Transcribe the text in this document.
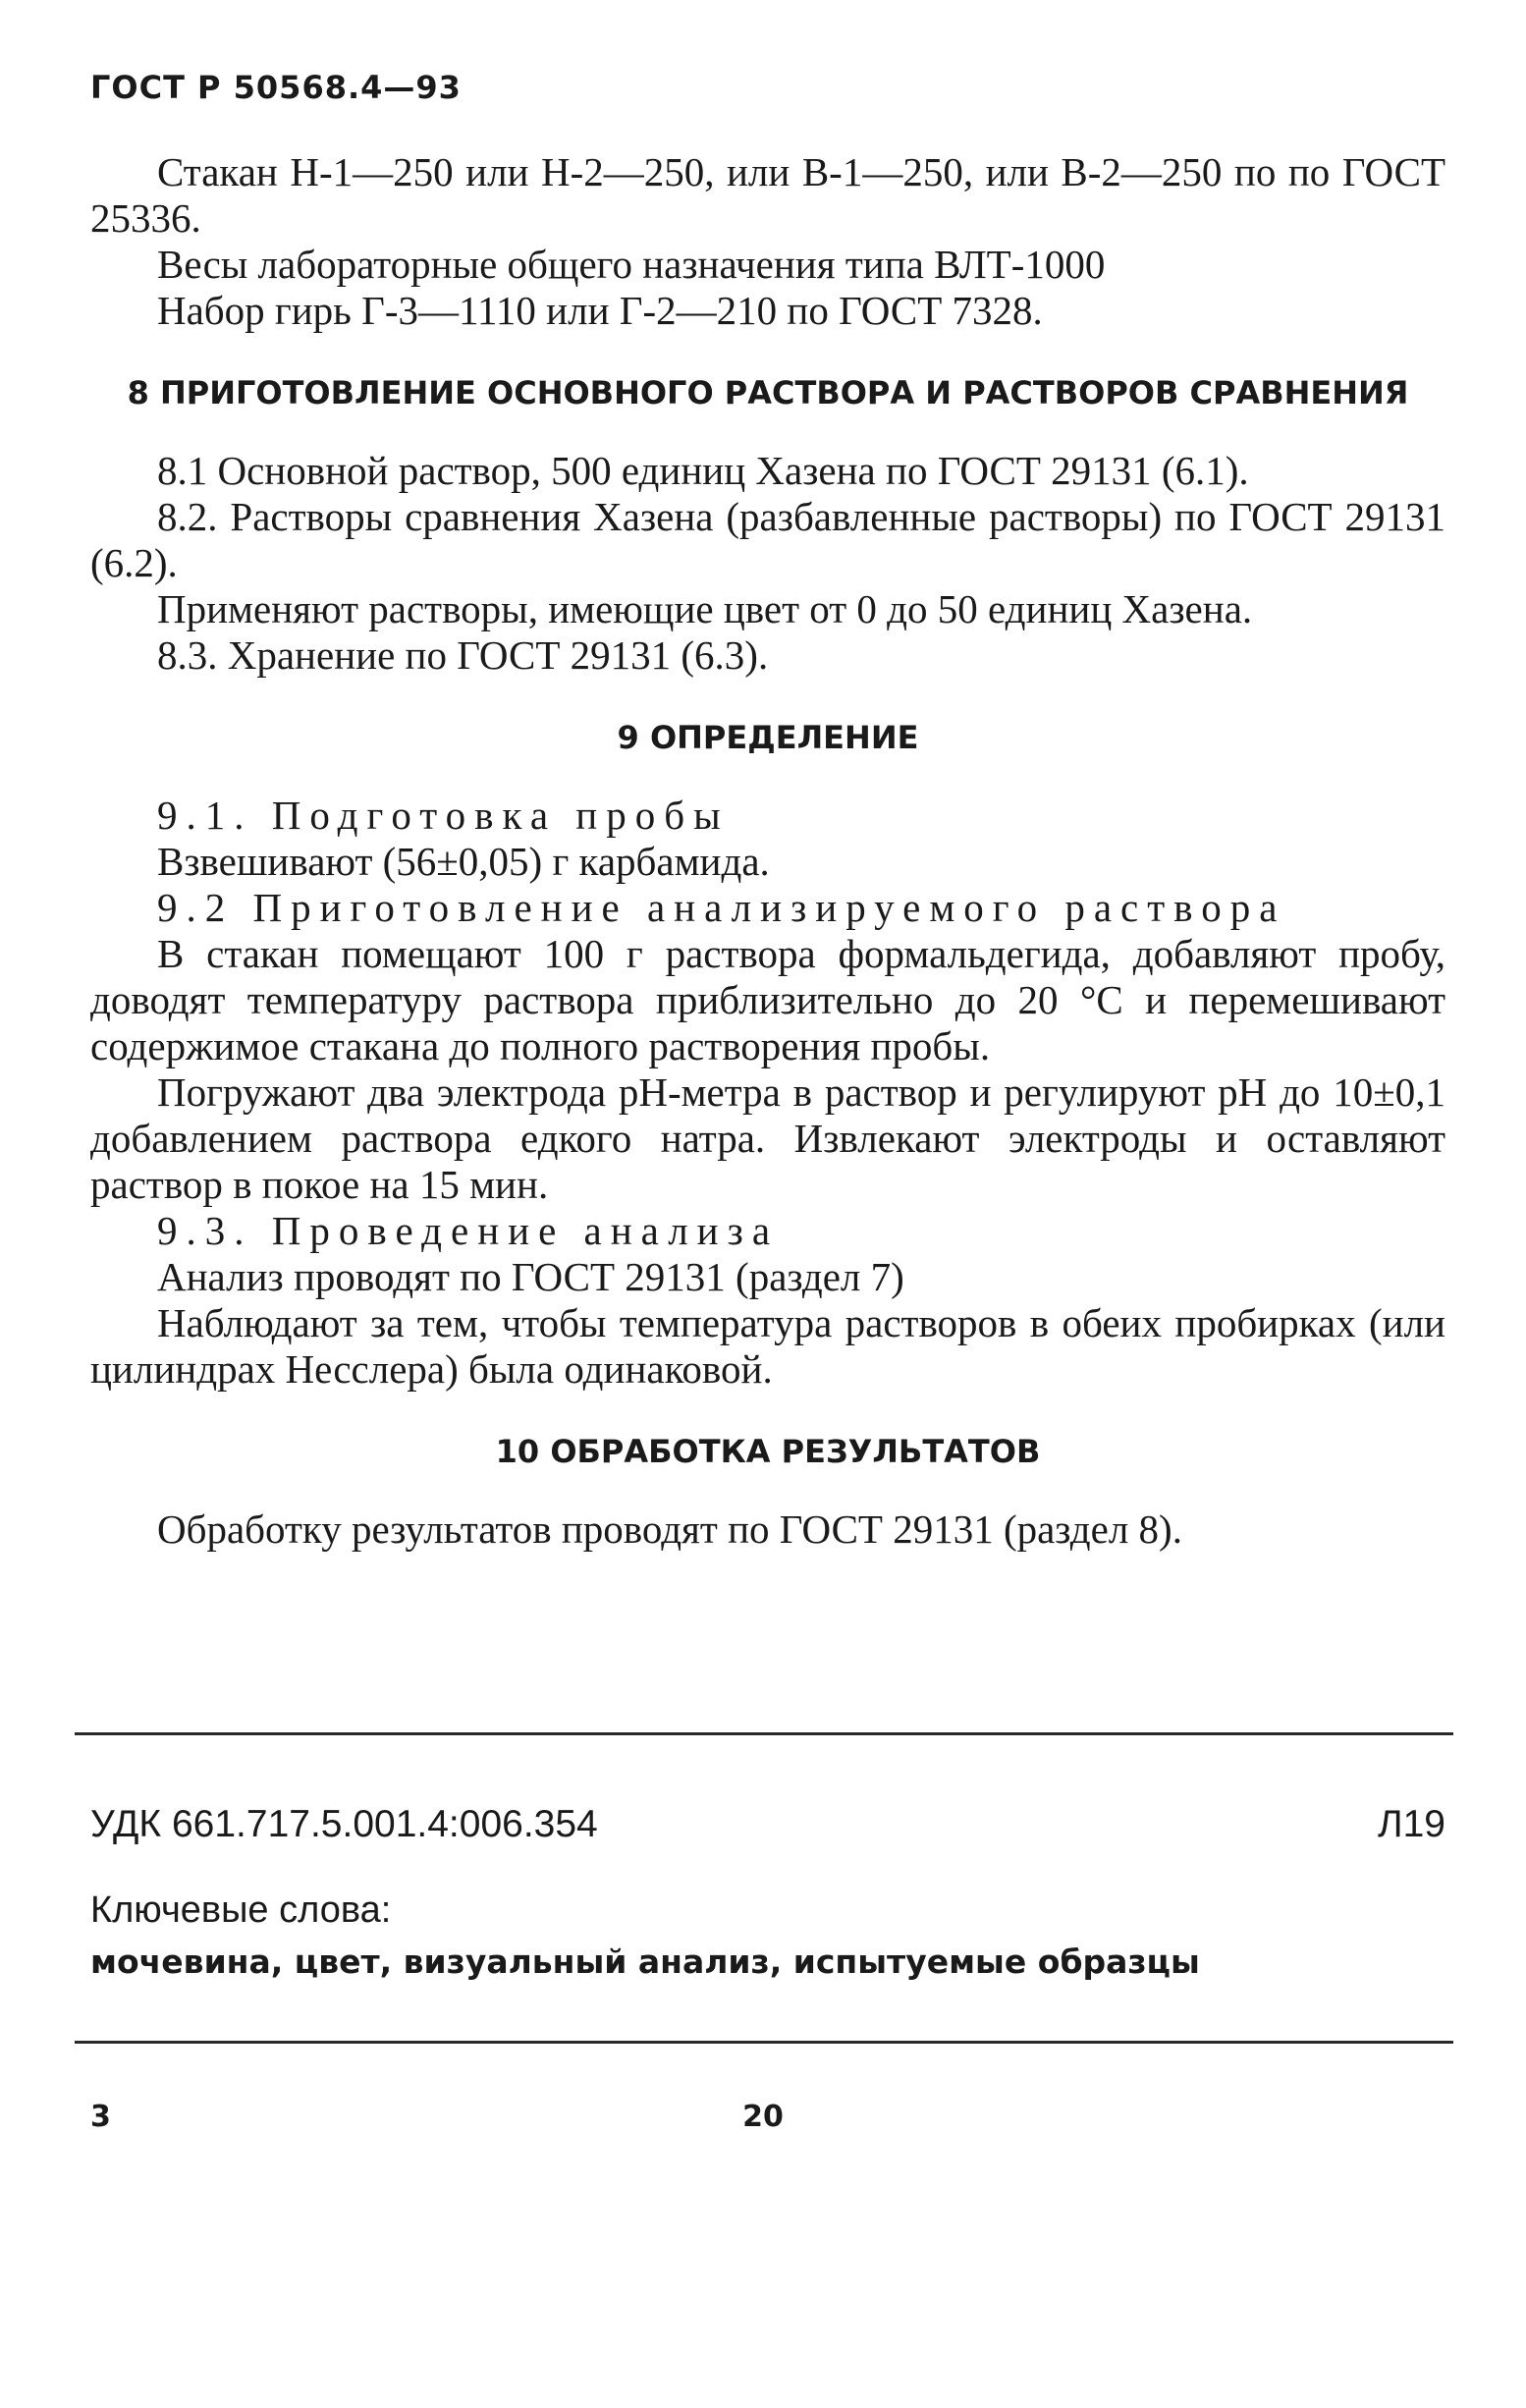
ГОСТ Р 50568.4—93

Стакан Н-1—250 или Н-2—250, или В-1—250, или В-2—250 по по ГОСТ 25336.

Весы лабораторные общего назначения типа ВЛТ-1000

Набор гирь Г-3—1110 или Г-2—210 по ГОСТ 7328.

8 ПРИГОТОВЛЕНИЕ ОСНОВНОГО РАСТВОРА И РАСТВОРОВ СРАВНЕНИЯ

8.1 Основной раствор, 500 единиц Хазена по ГОСТ 29131 (6.1).

8.2. Растворы сравнения Хазена (разбавленные растворы) по ГОСТ 29131 (6.2).

Применяют растворы, имеющие цвет от 0 до 50 единиц Хазена.

8.3. Хранение по ГОСТ 29131 (6.3).

9 ОПРЕДЕЛЕНИЕ

9.1. Подготовка пробы

Взвешивают (56±0,05) г карбамида.

9.2 Приготовление анализируемого раствора

В стакан помещают 100 г раствора формальдегида, добавляют пробу, доводят температуру раствора приблизительно до 20 °С и перемешивают содержимое стакана до полного растворения пробы.

Погружают два электрода рН-метра в раствор и регулируют рН до 10±0,1 добавлением раствора едкого натра. Извлекают электроды и оставляют раствор в покое на 15 мин.

9.3. Проведение анализа

Анализ проводят по ГОСТ 29131 (раздел 7)

Наблюдают за тем, чтобы температура растворов в обеих пробирках (или цилиндрах Несслера) была одинаковой.

10 ОБРАБОТКА РЕЗУЛЬТАТОВ

Обработку результатов проводят по ГОСТ 29131 (раздел 8).

УДК 661.717.5.001.4:006.354	Л19
Ключевые слова:
мочевина, цвет, визуальный анализ, испытуемые образцы
3	20
